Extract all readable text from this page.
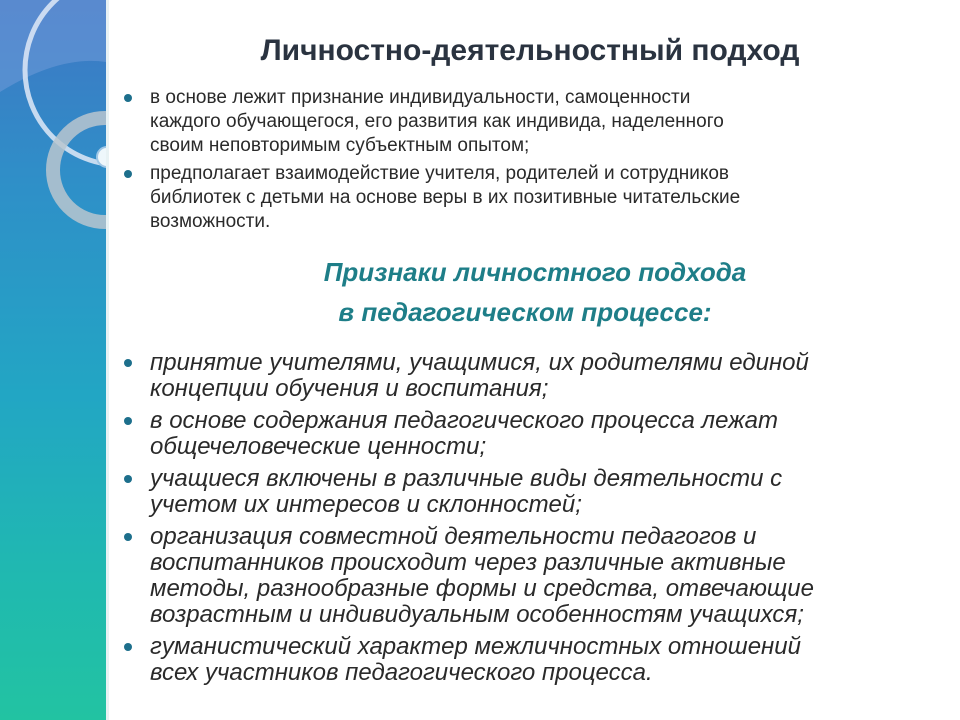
Личностно-деятельностный подход
в основе лежит признание индивидуальности, самоценности
каждого обучающегося, его развития как индивида, наделенного
своим неповторимым субъектным опытом;
предполагает взаимодействие учителя, родителей и сотрудников
библиотек с детьми на основе веры в их позитивные читательские
возможности.
Признаки личностного подхода
в педагогическом процессе:
принятие учителями, учащимися, их родителями единой
концепции обучения и воспитания;
в основе содержания педагогического процесса лежат
общечеловеческие ценности;
учащиеся включены в различные виды деятельности с
учетом их интересов и склонностей;
организация совместной деятельности педагогов и
воспитанников происходит через различные активные
методы, разнообразные формы и средства, отвечающие
возрастным и индивидуальным особенностям учащихся;
гуманистический характер межличностных отношений
всех участников педагогического процесса.
